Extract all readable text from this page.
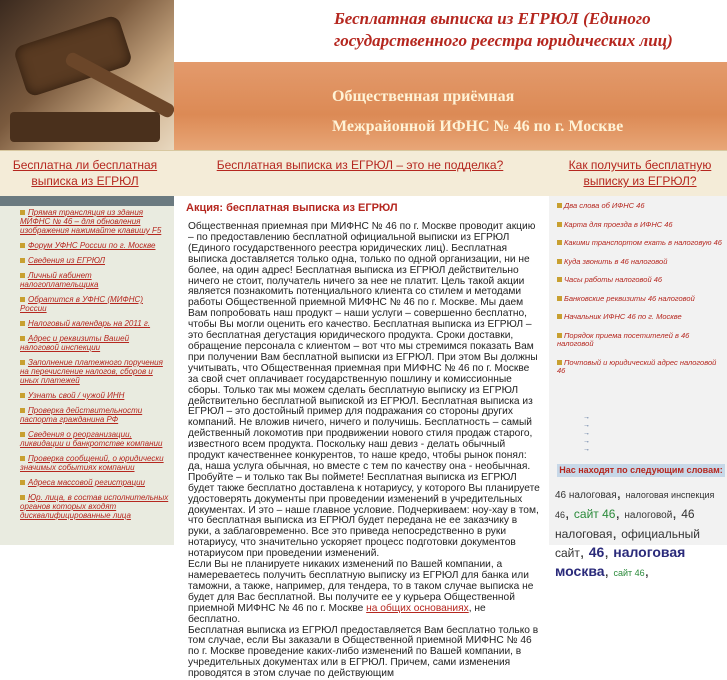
Бесплатная выписка из ЕГРЮЛ (Единого
государственного реестра юридических лиц)
Общественная приёмная
Межрайонной ИФНС № 46 по г. Москве
Бесплатна ли бесплатная
выписка из ЕГРЮЛ
Бесплатная выписка из ЕГРЮЛ – это не подделка?	Как получить бесплатную
выписку из ЕГРЮЛ?
Прямая трансляция из здания МИФНС № 46 – для обновления изображения нажимайте клавишу F5
Форум УФНС России по г. Москве
Сведения из ЕГРЮЛ
Личный кабинет налогоплательщика
Обратится в УФНС (МИФНС) России
Налоговый календарь на 2011 г.
Адрес и реквизиты Вашей налоговой инспекции
Заполнение платежного поручения на перечисление налогов, сборов и иных платежей
Узнать свой / чужой ИНН
Проверка действительности паспорта гражданина РФ
Сведения о реорганизации, ликвидации и банкротстве компании
Проверка сообщений, о юридически значимых событиях компании
Адреса массовой регистрации
Юр. лица, в состав исполнительных органов которых входят дисквалифицированные лица
Акция: бесплатная выписка из ЕГРЮЛ
Общественная приемная при МИФНС № 46 по г. Москве проводит акцию – по предоставлению бесплатной официальной выписки из ЕГРЮЛ (Единого государственного реестра юридических лиц). Бесплатная выписка доставляется только одна, только по одной организации, ни не более, на один адрес! Бесплатная выписка из ЕГРЮЛ действительно ничего не стоит, получатель ничего за нее не платит. Цель такой акции является познакомить потенциального клиента со стилем и методами работы Общественной приемной МИФНС № 46 по г. Москве. Мы даем Вам попробовать наш продукт – наши услуги – совершенно бесплатно, чтобы Вы могли оценить его качество. Бесплатная выписка из ЕГРЮЛ – это бесплатная дегустация юридического продукта. Сроки доставки, обращение персонала с клиентом – вот что мы стремимся показать Вам при получении Вам бесплатной выписки из ЕГРЮЛ. При этом Вы должны учитывать, что Общественная приемная при МИФНС № 46 по г. Москве за свой счет оплачивает государственную пошлину и комиссионные сборы. Только так мы можем сделать бесплатную выписку из ЕГРЮЛ действительно бесплатной выпиской из ЕГРЮЛ. Бесплатная выписка из ЕГРЮЛ – это достойный пример для подражания со стороны других компаний. Не вложив ничего, ничего и получишь. Бесплатность – самый действенный локомотив при продвижении нового стиля продаж старого, известного всем продукта. Поскольку наш девиз - делать обычный продукт качественнее конкурентов, то наше кредо, чтобы рынок понял: да, наша услуга обычная, но вместе с тем по качеству она - необычная. Пробуйте – и только так Вы поймете! Бесплатная выписка из ЕГРЮЛ будет также бесплатно доставлена к нотариусу, у которого Вы планируете удостоверять документы при проведении изменений в учредительных документах. И это – наше главное условие. Подчеркиваем: ноу-хау в том, что бесплатная выписка из ЕГРЮЛ будет передана не ее заказчику в руки, а заблаговременно. Все это приведа непосредственно в руки нотариусу, что значительно ускоряет процесс подготовки документов нотариусом при проведении изменений.
Если Вы не планируете никаких изменений по Вашей компании, а намереваетесь получить бесплатную выписку из ЕГРЮЛ для банка или таможни, а также, например, для тендера, то в таком случае выписка не будет для Вас бесплатной. Вы получите ее у курьера Общественной приемной МИФНС № 46 по г. Москве на общих основаниях, не бесплатно.
Бесплатная выписка из ЕГРЮЛ предоставляется Вам бесплатно только в том случае, если Вы заказали в Общественной приемной МИФНС № 46 по г. Москве проведение каких-либо изменений по Вашей компании, в учредительных документах или в ЕГРЮЛ. Причем, сами изменения проводятся в этом случае по действующим
Два слова об ИФНС 46
Карта для проезда в ИФНС 46
Какими транспортом ехать в налоговую 46
Куда звонить в 46 налоговой
Часы работы налоговой 46
Банковские реквизиты 46 налоговой
Начальник ИФНС 46 по г. Москве
Порядок приема посетителей в 46 налоговой
Почтовый и юридический адрес налоговой 46
→
→
→
→
→
Нас находят по следующим словам:
46 налоговая, налоговая инспекция 46, сайт 46, налоговой, 46 налоговая, официальный сайт, 46, налоговая москва, сайт 46,
